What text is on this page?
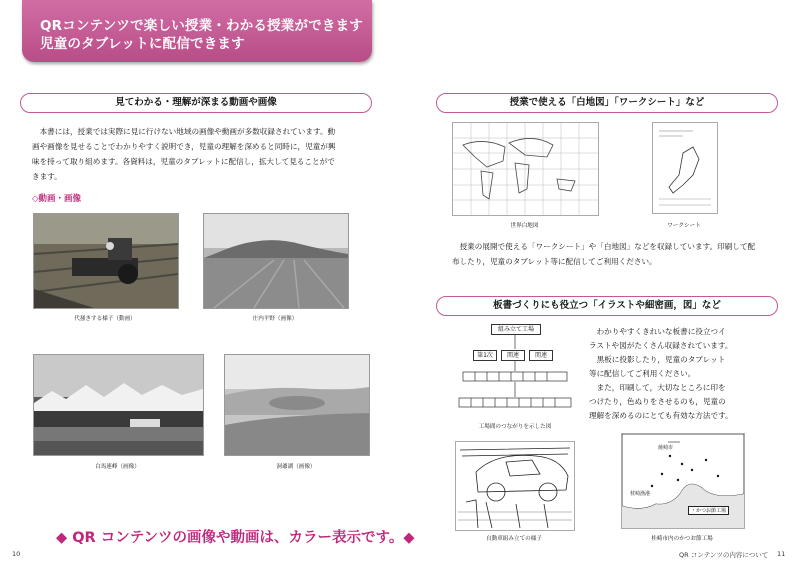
QRコンテンツで楽しい授業・わかる授業ができます
児童のタブレットに配信できます
見てわかる・理解が深まる動画や画像
　本書には，授業では実際に見に行けない地域の画像や動画が多数収録されています。動
画や画像を見せることでわかりやすく説明でき，児童の理解を深めると同時に，児童が興
味を持って取り組めます。各資料は，児童のタブレットに配信し，拡大して見ることがで
きます。
◇動画・画像
代掻きする様子（動画）	庄内平野（画像）
白馬連峰（画像）	洞爺湖（画像）
◆ QR コンテンツの画像や動画は、カラー表示です。◆
10
授業で使える「白地図」「ワークシート」など
世界白地図	ワークシート
　授業の展開で使える「ワークシート」や「白地図」などを収録しています。印刷して配
布したり，児童のタブレット等に配信してご利用ください。
板書づくりにも役立つ「イラストや細密画，図」など
組み立て工場
第1次	関連	関連
工場間のつながりを示した図
　わかりやすくきれいな板書に役立つイ
ラストや図がたくさん収録されています。
　黒板に投影したり，児童のタブレット
等に配信してご利用ください。
　また，印刷して，大切なところに印を
つけたり，色ぬりをさせるのも，児童の
理解を深めるのにとても有効な方法です。
自動車組み立ての様子
焼崎市
枕崎漁港
・かつお節工場
桂崎市内のかつお節工場
QR コンテンツの内容について 11
